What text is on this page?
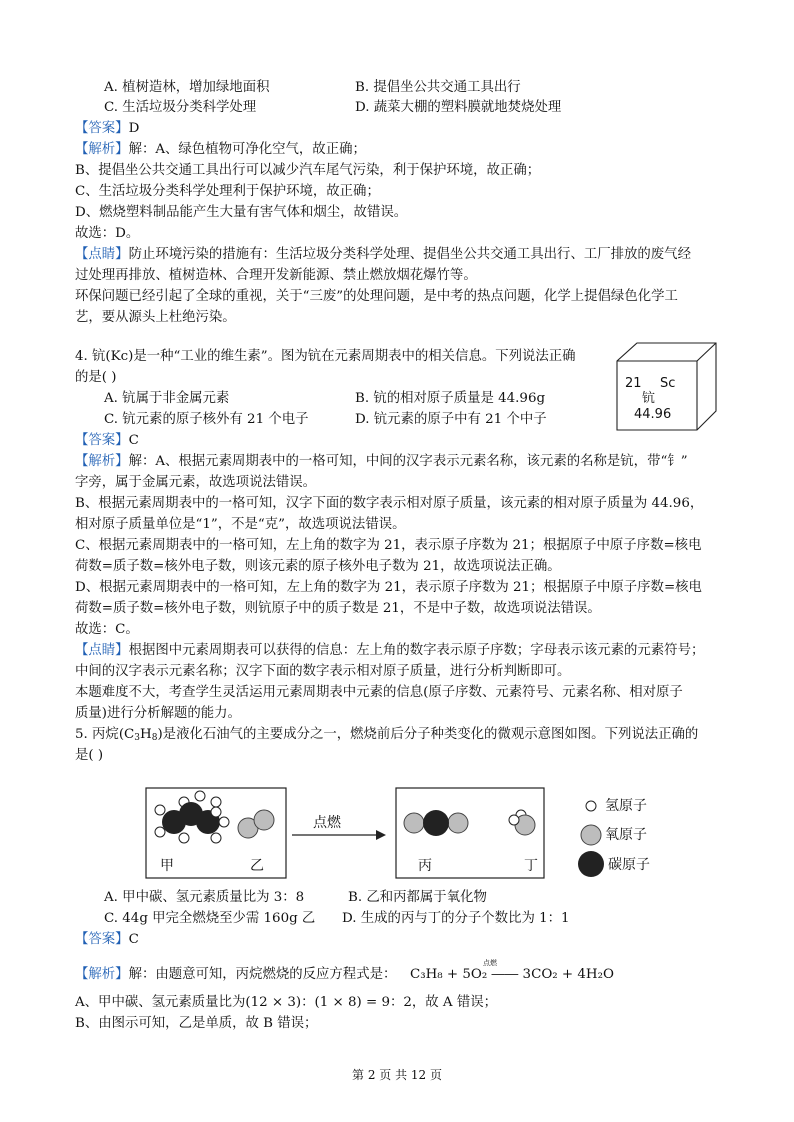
A. 植树造林，增加绿地面积	B. 提倡坐公共交通工具出行
C. 生活垃圾分类科学处理	D. 蔬菜大棚的塑料膜就地焚烧处理
【答案】D
【解析】解：A、绿色植物可净化空气，故正确；
B、提倡坐公共交通工具出行可以减少汽车尾气污染，利于保护环境，故正确；
C、生活垃圾分类科学处理利于保护环境，故正确；
D、燃烧塑料制品能产生大量有害气体和烟尘，故错误。
故选：D。
【点睛】防止环境污染的措施有：生活垃圾分类科学处理、提倡坐公共交通工具出行、工厂排放的废气经
过处理再排放、植树造林、合理开发新能源、禁止燃放烟花爆竹等。
环保问题已经引起了全球的重视，关于“三废”的处理问题，是中考的热点问题，化学上提倡绿色化学工
艺，要从源头上杜绝污染。
4. 钪(Kc)是一种“工业的维生素”。图为钪在元素周期表中的相关信息。下列说法正确
的是( )
A. 钪属于非金属元素	B. 钪的相对原子质量是 44.96g
C. 钪元素的原子核外有 21 个电子	D. 钪元素的原子中有 21 个中子
21 Sc
钪
44.96
【答案】C
【解析】解：A、根据元素周期表中的一格可知，中间的汉字表示元素名称，该元素的名称是钪，带“钅”
字旁，属于金属元素，故选项说法错误。
B、根据元素周期表中的一格可知，汉字下面的数字表示相对原子质量，该元素的相对原子质量为 44.96，
相对原子质量单位是“1”，不是“克”，故选项说法错误。
C、根据元素周期表中的一格可知，左上角的数字为 21，表示原子序数为 21；根据原子中原子序数=核电
荷数=质子数=核外电子数，则该元素的原子核外电子数为 21，故选项说法正确。
D、根据元素周期表中的一格可知，左上角的数字为 21，表示原子序数为 21；根据原子中原子序数=核电
荷数=质子数=核外电子数，则钪原子中的质子数是 21，不是中子数，故选项说法错误。
故选：C。
【点睛】根据图中元素周期表可以获得的信息：左上角的数字表示原子序数；字母表示该元素的元素符号；
中间的汉字表示元素名称；汉字下面的数字表示相对原子质量，进行分析判断即可。
本题难度不大，考查学生灵活运用元素周期表中元素的信息(原子序数、元素符号、元素名称、相对原子
质量)进行分析解题的能力。
5. 丙烷$(C_3H_8)$是液化石油气的主要成分之一，燃烧前后分子种类变化的微观示意图如图。下列说法正确的
是( )
甲	乙
点燃
丙	丁
氢原子
氧原子
碳原子
A. 甲中碳、氢元素质量比为 3：8	B. 乙和丙都属于氧化物
C. 44g 甲完全燃烧至少需 160g 乙 D. 生成的丙与丁的分子个数比为 1：1
【答案】C
【解析】解：由题意可知，丙烷燃烧的反应方程式是：
点燃
C₃H₈ + 5O₂ ―― 3CO₂ + 4H₂O
A、甲中碳、氢元素质量比为(12 × 3)：(1 × 8) = 9：2，故 A 错误；
B、由图示可知，乙是单质，故 B 错误；
第 2 页 共 12 页
